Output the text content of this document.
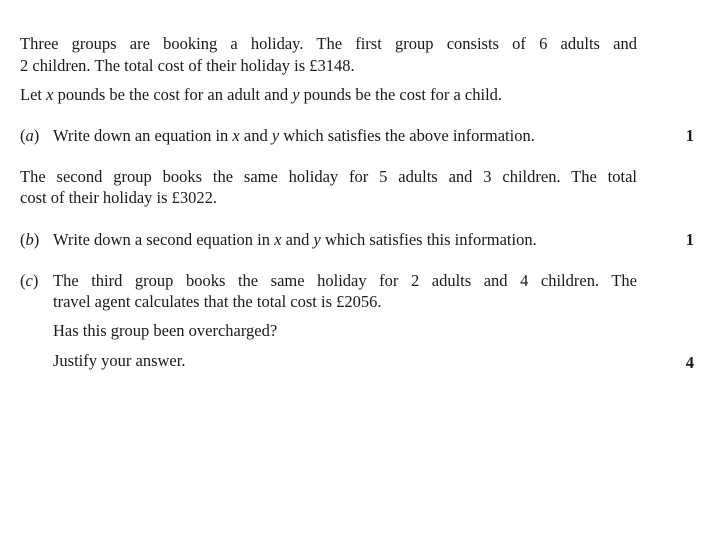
Three groups are booking a holiday. The first group consists of 6 adults and
2 children. The total cost of their holiday is £3148.
Let x pounds be the cost for an adult and y pounds be the cost for a child.
(a) Write down an equation in x and y which satisfies the above information.	1
The second group books the same holiday for 5 adults and 3 children. The total
cost of their holiday is £3022.
(b) Write down a second equation in x and y which satisfies this information.	1
(c) The third group books the same holiday for 2 adults and 4 children. The
travel agent calculates that the total cost is £2056.
Has this group been overcharged?
Justify your answer.	4
